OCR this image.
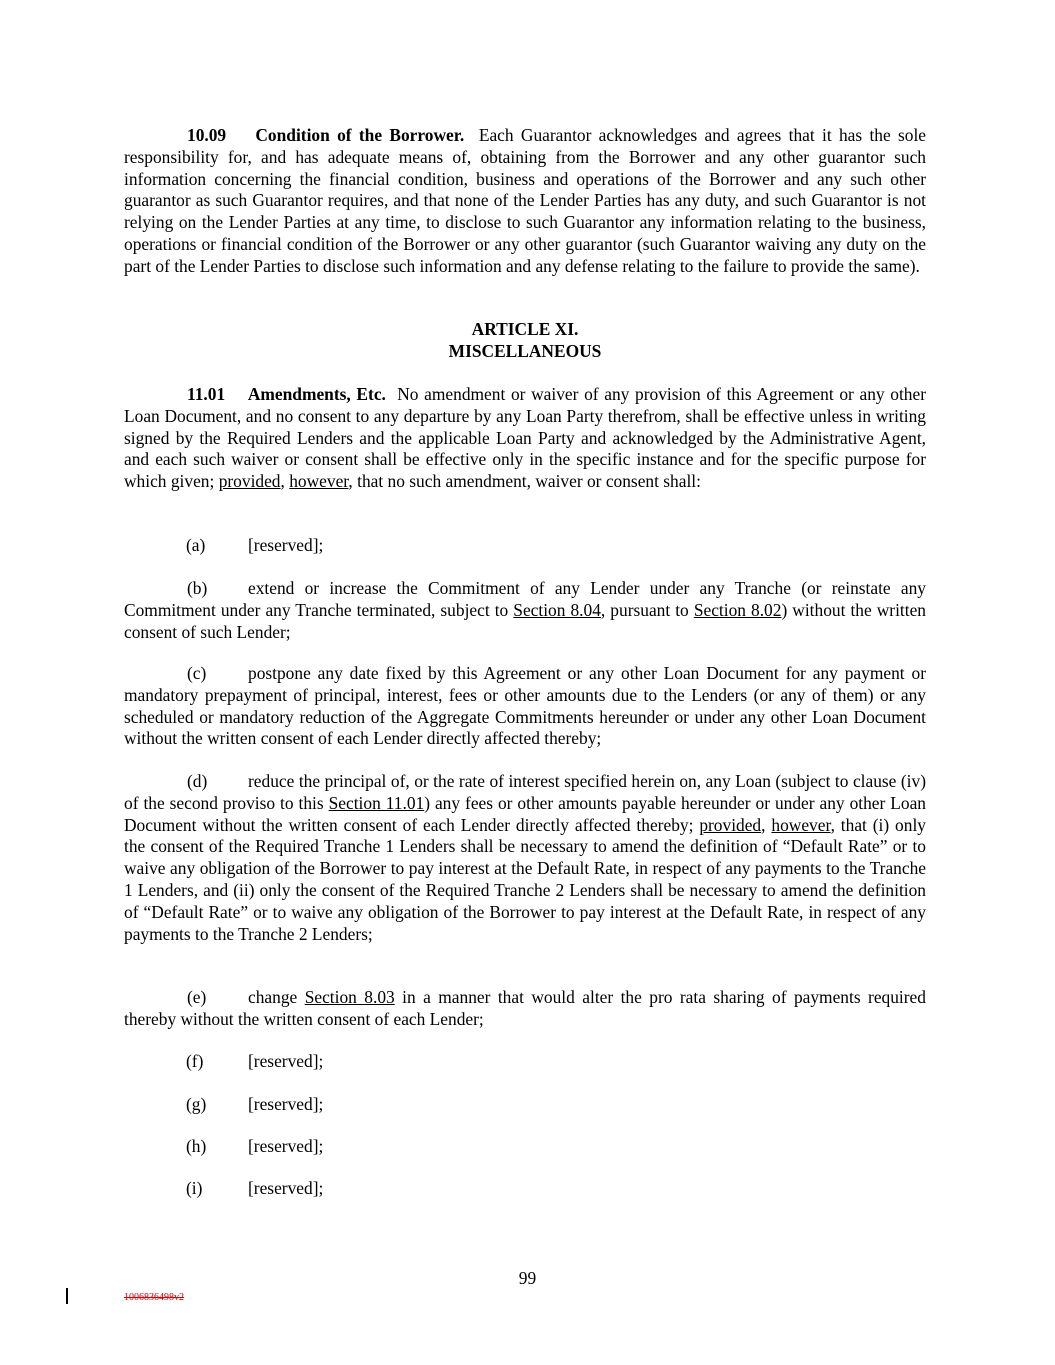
10.09 Condition of the Borrower. Each Guarantor acknowledges and agrees that it has the sole responsibility for, and has adequate means of, obtaining from the Borrower and any other guarantor such information concerning the financial condition, business and operations of the Borrower and any such other guarantor as such Guarantor requires, and that none of the Lender Parties has any duty, and such Guarantor is not relying on the Lender Parties at any time, to disclose to such Guarantor any information relating to the business, operations or financial condition of the Borrower or any other guarantor (such Guarantor waiving any duty on the part of the Lender Parties to disclose such information and any defense relating to the failure to provide the same).

ARTICLE XI.

MISCELLANEOUS

11.01 Amendments, Etc. No amendment or waiver of any provision of this Agreement or any other Loan Document, and no consent to any departure by any Loan Party therefrom, shall be effective unless in writing signed by the Required Lenders and the applicable Loan Party and acknowledged by the Administrative Agent, and each such waiver or consent shall be effective only in the specific instance and for the specific purpose for which given; provided, however, that no such amendment, waiver or consent shall:

(a) [reserved];

(b) extend or increase the Commitment of any Lender under any Tranche (or reinstate any Commitment under any Tranche terminated, subject to Section 8.04, pursuant to Section 8.02) without the written consent of such Lender;

(c) postpone any date fixed by this Agreement or any other Loan Document for any payment or mandatory prepayment of principal, interest, fees or other amounts due to the Lenders (or any of them) or any scheduled or mandatory reduction of the Aggregate Commitments hereunder or under any other Loan Document without the written consent of each Lender directly affected thereby;

(d) reduce the principal of, or the rate of interest specified herein on, any Loan (subject to clause (iv) of the second proviso to this Section 11.01) any fees or other amounts payable hereunder or under any other Loan Document without the written consent of each Lender directly affected thereby; provided, however, that (i) only the consent of the Required Tranche 1 Lenders shall be necessary to amend the definition of “Default Rate” or to waive any obligation of the Borrower to pay interest at the Default Rate, in respect of any payments to the Tranche 1 Lenders, and (ii) only the consent of the Required Tranche 2 Lenders shall be necessary to amend the definition of “Default Rate” or to waive any obligation of the Borrower to pay interest at the Default Rate, in respect of any payments to the Tranche 2 Lenders;

(e) change Section 8.03 in a manner that would alter the pro rata sharing of payments required thereby without the written consent of each Lender;

(f)	[reserved];

(g) [reserved];

(h) [reserved];

(i)	[reserved];

99
1006836498v2
